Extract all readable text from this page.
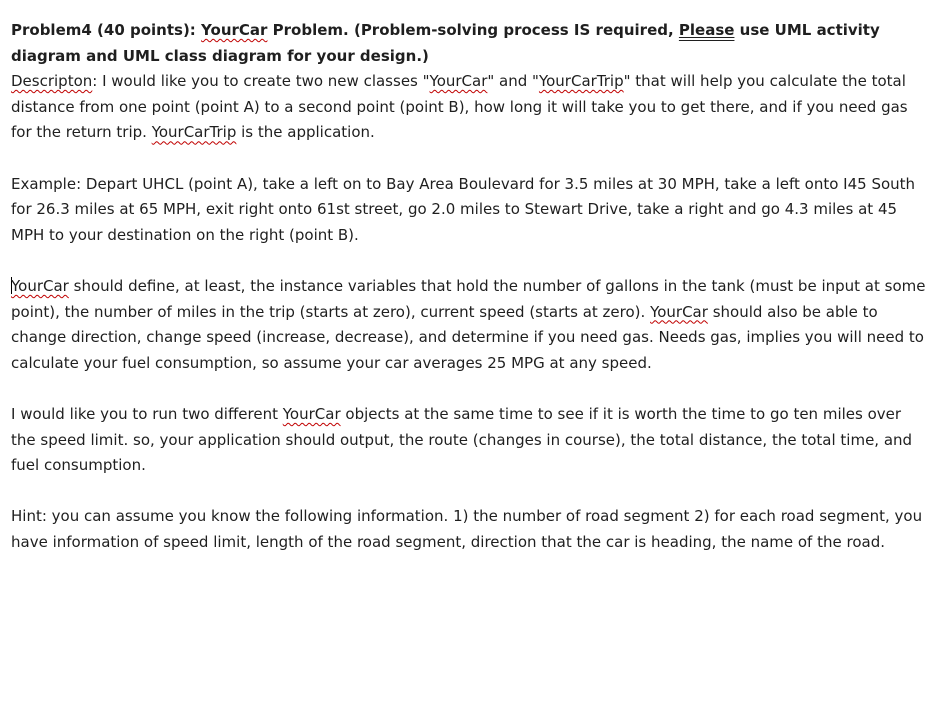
Problem4 (40 points): YourCar Problem. (Problem-solving process IS required, Please use UML activity diagram and UML class diagram for your design.)

Descripton: I would like you to create two new classes "YourCar" and "YourCarTrip" that will help you calculate the total distance from one point (point A) to a second point (point B), how long it will take you to get there, and if you need gas for the return trip. YourCarTrip is the application.

Example: Depart UHCL (point A), take a left on to Bay Area Boulevard for 3.5 miles at 30 MPH, take a left onto I45 South for 26.3 miles at 65 MPH, exit right onto 61st street, go 2.0 miles to Stewart Drive, take a right and go 4.3 miles at 45 MPH to your destination on the right (point B).

YourCar should define, at least, the instance variables that hold the number of gallons in the tank (must be input at some point), the number of miles in the trip (starts at zero), current speed (starts at zero). YourCar should also be able to change direction, change speed (increase, decrease), and determine if you need gas. Needs gas, implies you will need to calculate your fuel consumption, so assume your car averages 25 MPG at any speed.

I would like you to run two different YourCar objects at the same time to see if it is worth the time to go ten miles over the speed limit. so, your application should output, the route (changes in course), the total distance, the total time, and fuel consumption.

Hint: you can assume you know the following information. 1) the number of road segment 2) for each road segment, you have information of speed limit, length of the road segment, direction that the car is heading, the name of the road.
